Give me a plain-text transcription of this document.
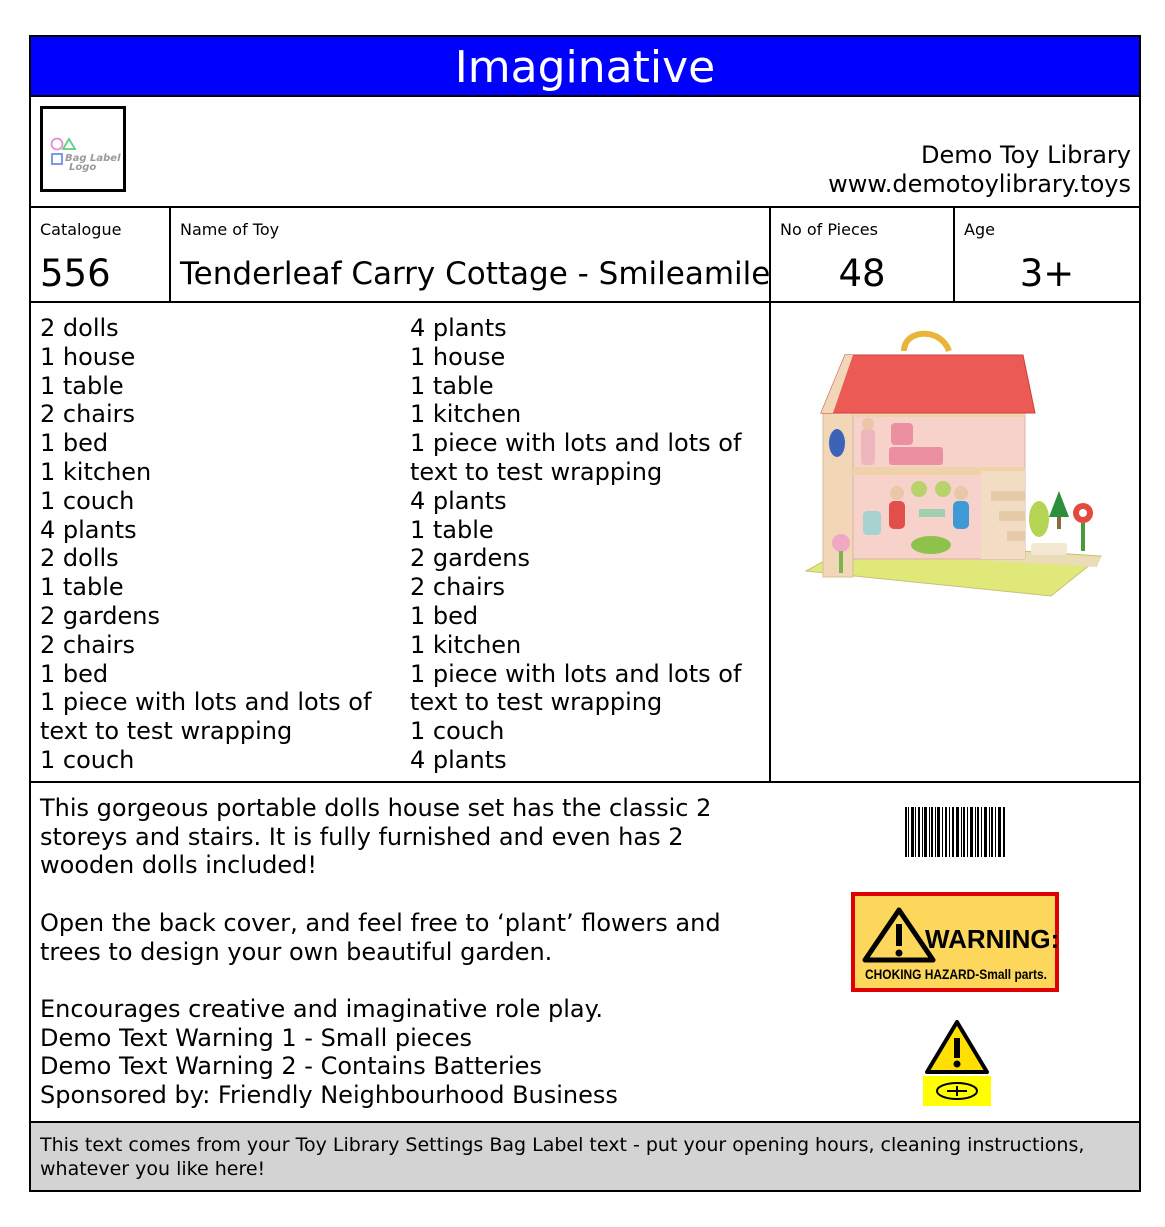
Imaginative
Bag Label
Logo	Demo Toy Library
www.demotoylibrary.toys
Catalogue
556
Name of Toy
Tenderleaf Carry Cottage - Smileamile
No of Pieces
48
Age
3+
2 dolls
1 house
1 table
2 chairs
1 bed
1 kitchen
1 couch
4 plants
2 dolls
1 table
2 gardens
2 chairs
1 bed
1 piece with lots and lots of text to test wrapping
1 couch
4 plants
1 house
1 table
1 kitchen
1 piece with lots and lots of text to test wrapping
4 plants
1 table
2 gardens
2 chairs
1 bed
1 kitchen
1 piece with lots and lots of text to test wrapping
1 couch
4 plants

This gorgeous portable dolls house set has the classic 2 storeys and stairs. It is fully furnished and even has 2 wooden dolls included!

Open the back cover, and feel free to ‘plant’ flowers and trees to design your own beautiful garden.

Encourages creative and imaginative role play.

Demo Text Warning 1 - Small pieces

Demo Text Warning 2 - Contains Batteries

Sponsored by: Friendly Neighbourhood Business

WARNING:
CHOKING HAZARD-Small parts.
This text comes from your Toy Library Settings Bag Label text - put your opening hours, cleaning instructions, whatever you like here!
